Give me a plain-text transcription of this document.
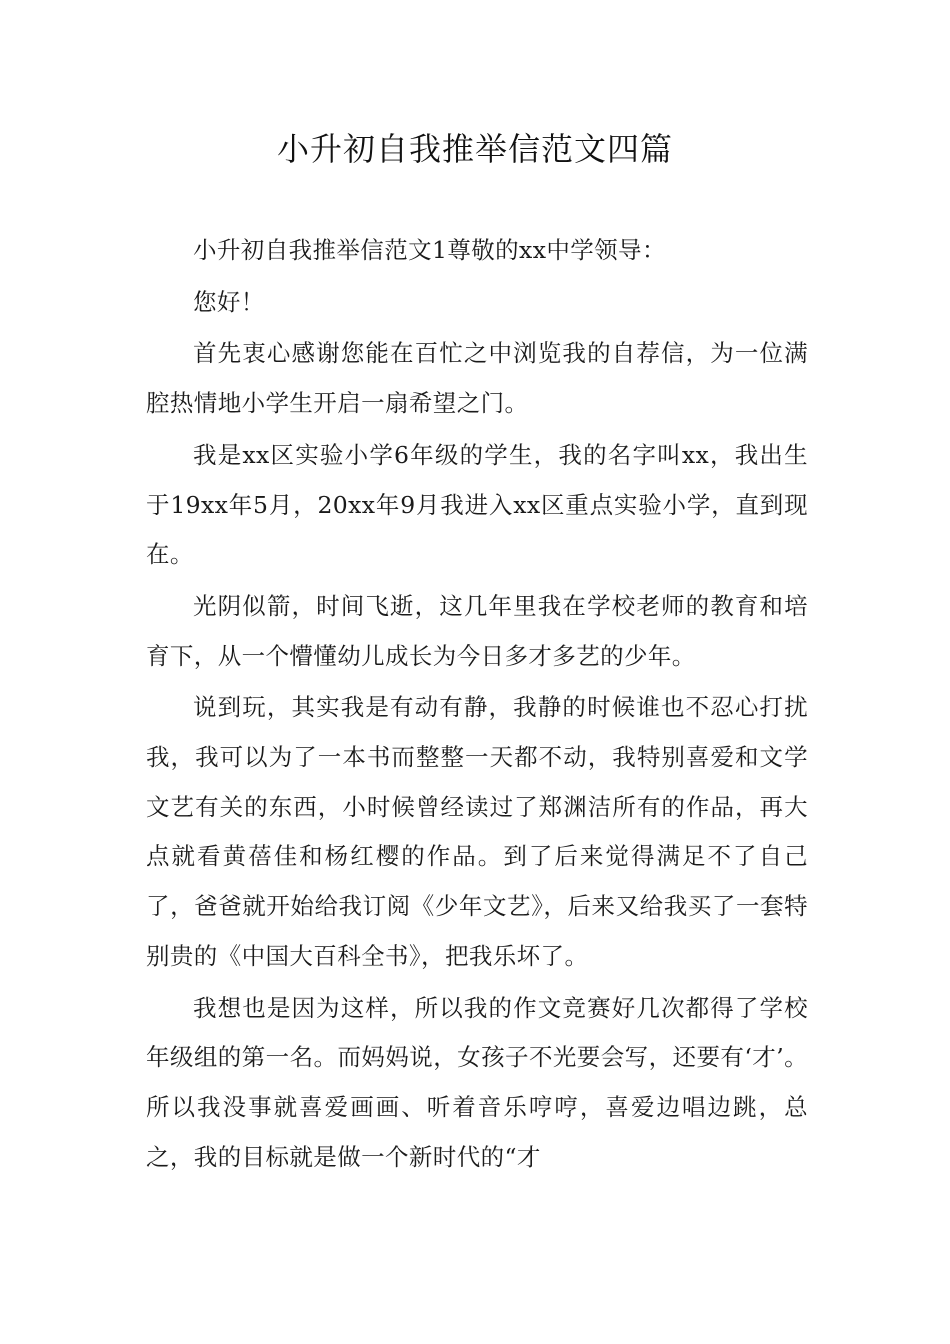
小升初自我推举信范文四篇

小升初自我推举信范文1尊敬的xx中学领导：

您好！

首先衷心感谢您能在百忙之中浏览我的自荐信，为一位满腔热情地小学生开启一扇希望之门。

我是xx区实验小学6年级的学生，我的名字叫xx，我出生于19xx年5月，20xx年9月我进入xx区重点实验小学，直到现在。

光阴似箭，时间飞逝，这几年里我在学校老师的教育和培育下，从一个懵懂幼儿成长为今日多才多艺的少年。

说到玩，其实我是有动有静，我静的时候谁也不忍心打扰我，我可以为了一本书而整整一天都不动，我特别喜爱和文学文艺有关的东西，小时候曾经读过了郑渊洁所有的作品，再大点就看黄蓓佳和杨红樱的作品。到了后来觉得满足不了自己了，爸爸就开始给我订阅《少年文艺》，后来又给我买了一套特别贵的《中国大百科全书》，把我乐坏了。

我想也是因为这样，所以我的作文竞赛好几次都得了学校年级组的第一名。而妈妈说，女孩子不光要会写，还要有‘才’。所以我没事就喜爱画画、听着音乐哼哼，喜爱边唱边跳，总之，我的目标就是做一个新时代的“才
